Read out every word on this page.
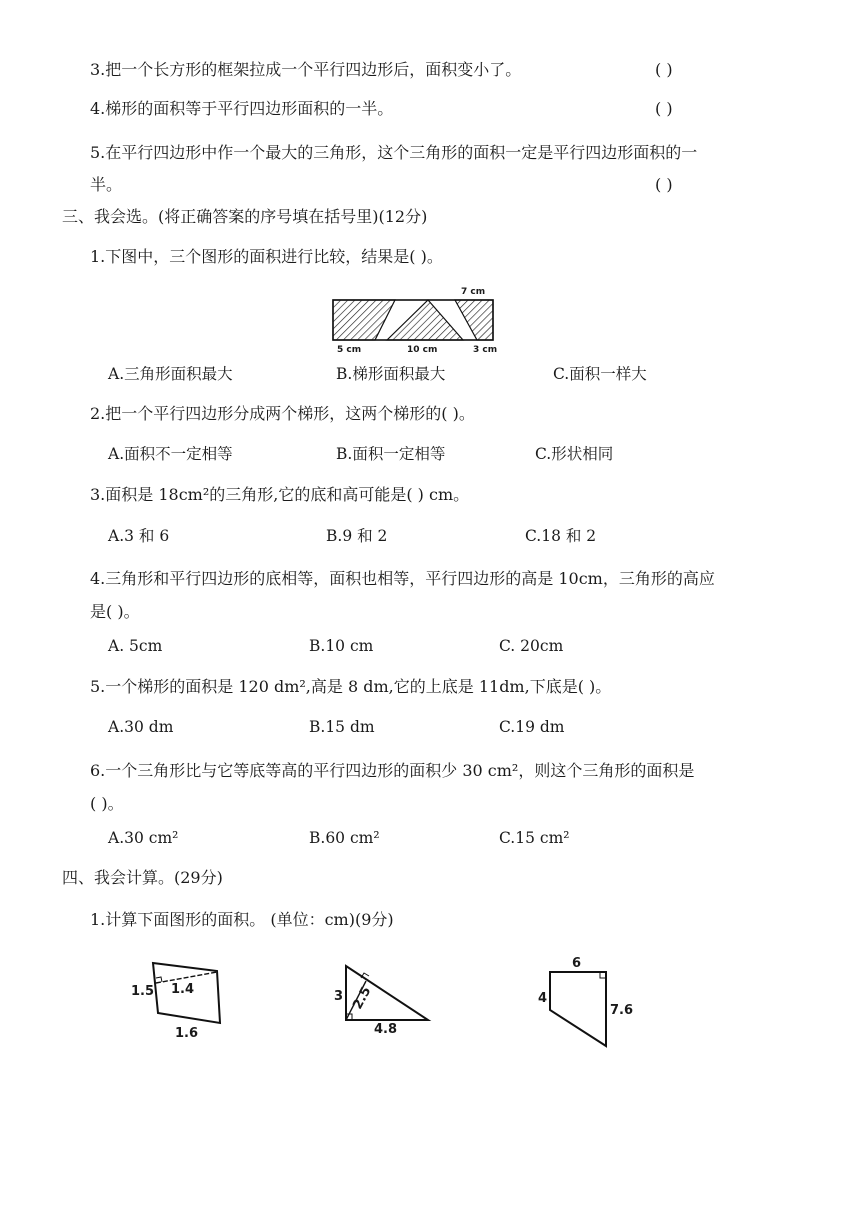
3.把一个长方形的框架拉成一个平行四边形后，面积变小了。	( )
4.梯形的面积等于平行四边形面积的一半。	( )
5.在平行四边形中作一个最大的三角形，这个三角形的面积一定是平行四边形面积的一
半。	( )
三、我会选。(将正确答案的序号填在括号里)(12分)
1.下图中，三个图形的面积进行比较，结果是( )。
7 cm
5 cm	10 cm	3 cm
A.三角形面积最大	B.梯形面积最大	C.面积一样大
2.把一个平行四边形分成两个梯形，这两个梯形的( )。
A.面积不一定相等	B.面积一定相等	C.形状相同
3.面积是 18cm²的三角形,它的底和高可能是( ) cm。
A.3 和 6	B.9 和 2	C.18 和 2
4.三角形和平行四边形的底相等，面积也相等，平行四边形的高是 10cm，三角形的高应
是( )。
A. 5cm	B.10 cm	C. 20cm
5.一个梯形的面积是 120 dm²,高是 8 dm,它的上底是 11dm,下底是( )。
A.30 dm	B.15 dm	C.19 dm
6.一个三角形比与它等底等高的平行四边形的面积少 30 cm²，则这个三角形的面积是
( )。
A.30 cm²	B.60 cm²	C.15 cm²
四、我会计算。(29分)
1.计算下面图形的面积。 (单位：cm)(9分)
1.5 1.4
1.6
3 2.5
4.8
6
4
7.6
